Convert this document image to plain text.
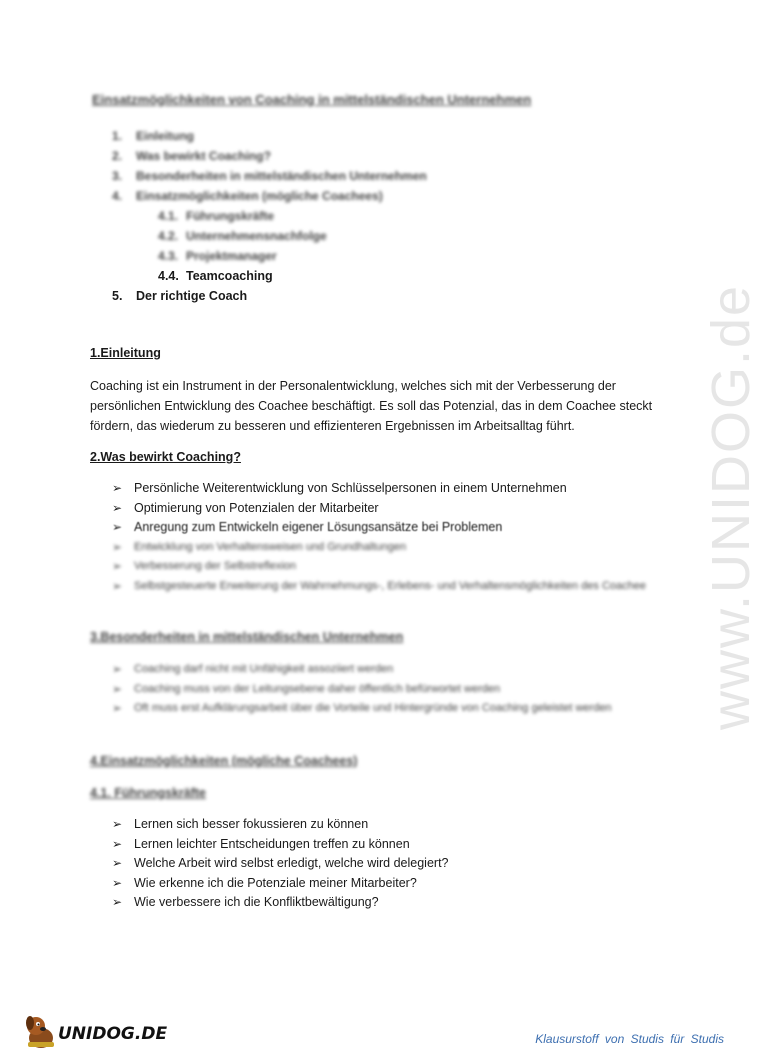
www.UNIDOG.de
Einsatzmöglichkeiten von Coaching in mittelständischen Unternehmen
1.	Einleitung
2.	Was bewirkt Coaching?
3.	Besonderheiten in mittelständischen Unternehmen
4.	Einsatzmöglichkeiten (mögliche Coachees)
4.1. Führungskräfte
4.2. Unternehmensnachfolge
4.3. Projektmanager
4.4. Teamcoaching
5.	Der richtige Coach
1.Einleitung
Coaching ist ein Instrument in der Personalentwicklung, welches sich mit der Verbesserung der
persönlichen Entwicklung des Coachee beschäftigt. Es soll das Potenzial, das in dem Coachee steckt
fördern, das wiederum zu besseren und effizienteren Ergebnissen im Arbeitsalltag führt.
2.Was bewirkt Coaching?
➢ Persönliche Weiterentwicklung von Schlüsselpersonen in einem Unternehmen
➢ Optimierung von Potenzialen der Mitarbeiter
➢ Anregung zum Entwickeln eigener Lösungsansätze bei Problemen
➢	Entwicklung von Verhaltensweisen und Grundhaltungen
➢	Verbesserung der Selbstreflexion
➢	Selbstgesteuerte Erweiterung der Wahrnehmungs-, Erlebens- und Verhaltensmöglichkeiten des Coachee
3.Besonderheiten in mittelständischen Unternehmen
➢	Coaching darf nicht mit Unfähigkeit assoziiert werden
➢	Coaching muss von der Leitungsebene daher öffentlich befürwortet werden
➢	Oft muss erst Aufklärungsarbeit über die Vorteile und Hintergründe von Coaching geleistet werden
4.Einsatzmöglichkeiten (mögliche Coachees)
4.1. Führungskräfte
➢ Lernen sich besser fokussieren zu können
➢ Lernen leichter Entscheidungen treffen zu können
➢ Welche Arbeit wird selbst erledigt, welche wird delegiert?
➢ Wie erkenne ich die Potenziale meiner Mitarbeiter?
➢ Wie verbessere ich die Konfliktbewältigung?
UNIDOG.DE	Klausurstoff von Studis für Studis
